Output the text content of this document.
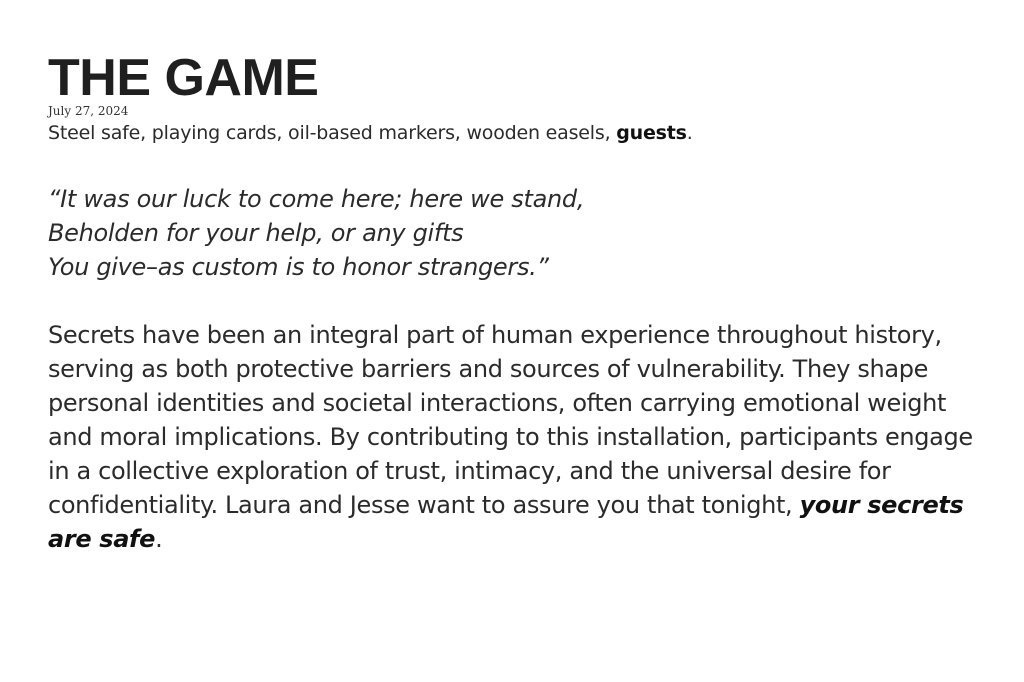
THE GAME
July 27, 2024
Steel safe, playing cards, oil-based markers, wooden easels, guests.
“It was our luck to come here; here we stand,
Beholden for your help, or any gifts
You give–as custom is to honor strangers.”
Secrets have been an integral part of human experience throughout history, serving as both protective barriers and sources of vulnerability. They shape personal identities and societal interactions, often carrying emotional weight and moral implications. By contributing to this installation, participants engage in a collective exploration of trust, intimacy, and the universal desire for confidentiality. Laura and Jesse want to assure you that tonight, your secrets are safe.
